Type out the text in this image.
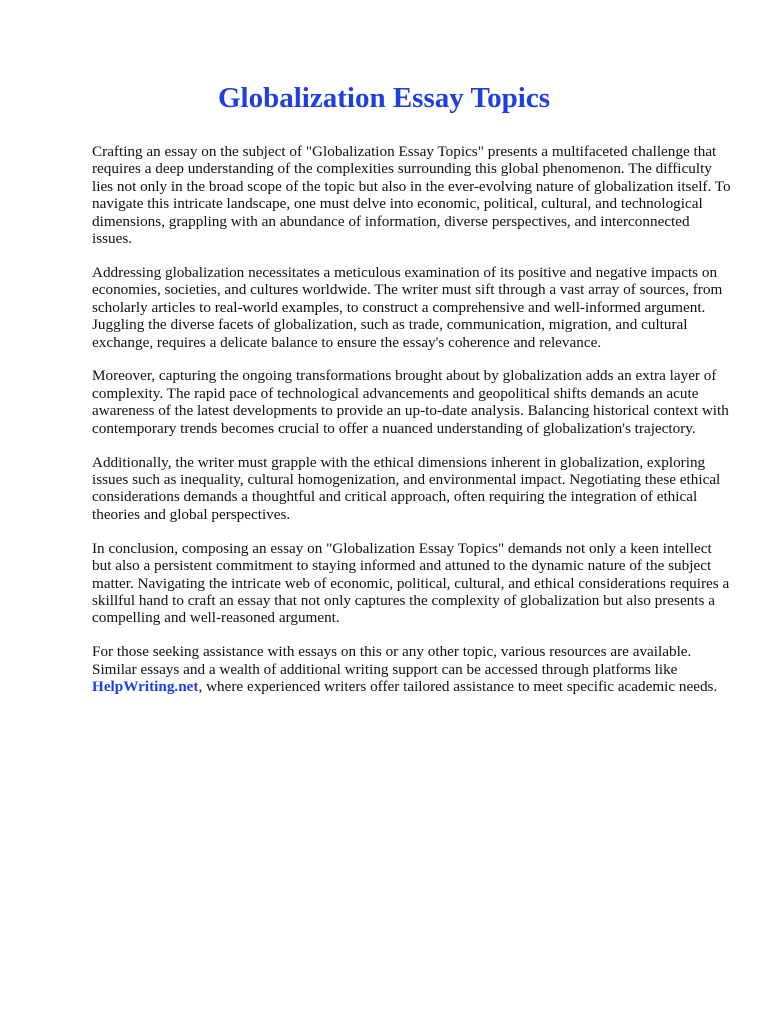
Globalization Essay Topics

Crafting an essay on the subject of "Globalization Essay Topics" presents a multifaceted challenge that requires a deep understanding of the complexities surrounding this global phenomenon. The difficulty lies not only in the broad scope of the topic but also in the ever-evolving nature of globalization itself. To navigate this intricate landscape, one must delve into economic, political, cultural, and technological dimensions, grappling with an abundance of information, diverse perspectives, and interconnected issues.

Addressing globalization necessitates a meticulous examination of its positive and negative impacts on economies, societies, and cultures worldwide. The writer must sift through a vast array of sources, from scholarly articles to real-world examples, to construct a comprehensive and well-informed argument. Juggling the diverse facets of globalization, such as trade, communication, migration, and cultural exchange, requires a delicate balance to ensure the essay's coherence and relevance.

Moreover, capturing the ongoing transformations brought about by globalization adds an extra layer of complexity. The rapid pace of technological advancements and geopolitical shifts demands an acute awareness of the latest developments to provide an up-to-date analysis. Balancing historical context with contemporary trends becomes crucial to offer a nuanced understanding of globalization's trajectory.

Additionally, the writer must grapple with the ethical dimensions inherent in globalization, exploring issues such as inequality, cultural homogenization, and environmental impact. Negotiating these ethical considerations demands a thoughtful and critical approach, often requiring the integration of ethical theories and global perspectives.

In conclusion, composing an essay on "Globalization Essay Topics" demands not only a keen intellect but also a persistent commitment to staying informed and attuned to the dynamic nature of the subject matter. Navigating the intricate web of economic, political, cultural, and ethical considerations requires a skillful hand to craft an essay that not only captures the complexity of globalization but also presents a compelling and well-reasoned argument.

For those seeking assistance with essays on this or any other topic, various resources are available. Similar essays and a wealth of additional writing support can be accessed through platforms like HelpWriting.net, where experienced writers offer tailored assistance to meet specific academic needs.
